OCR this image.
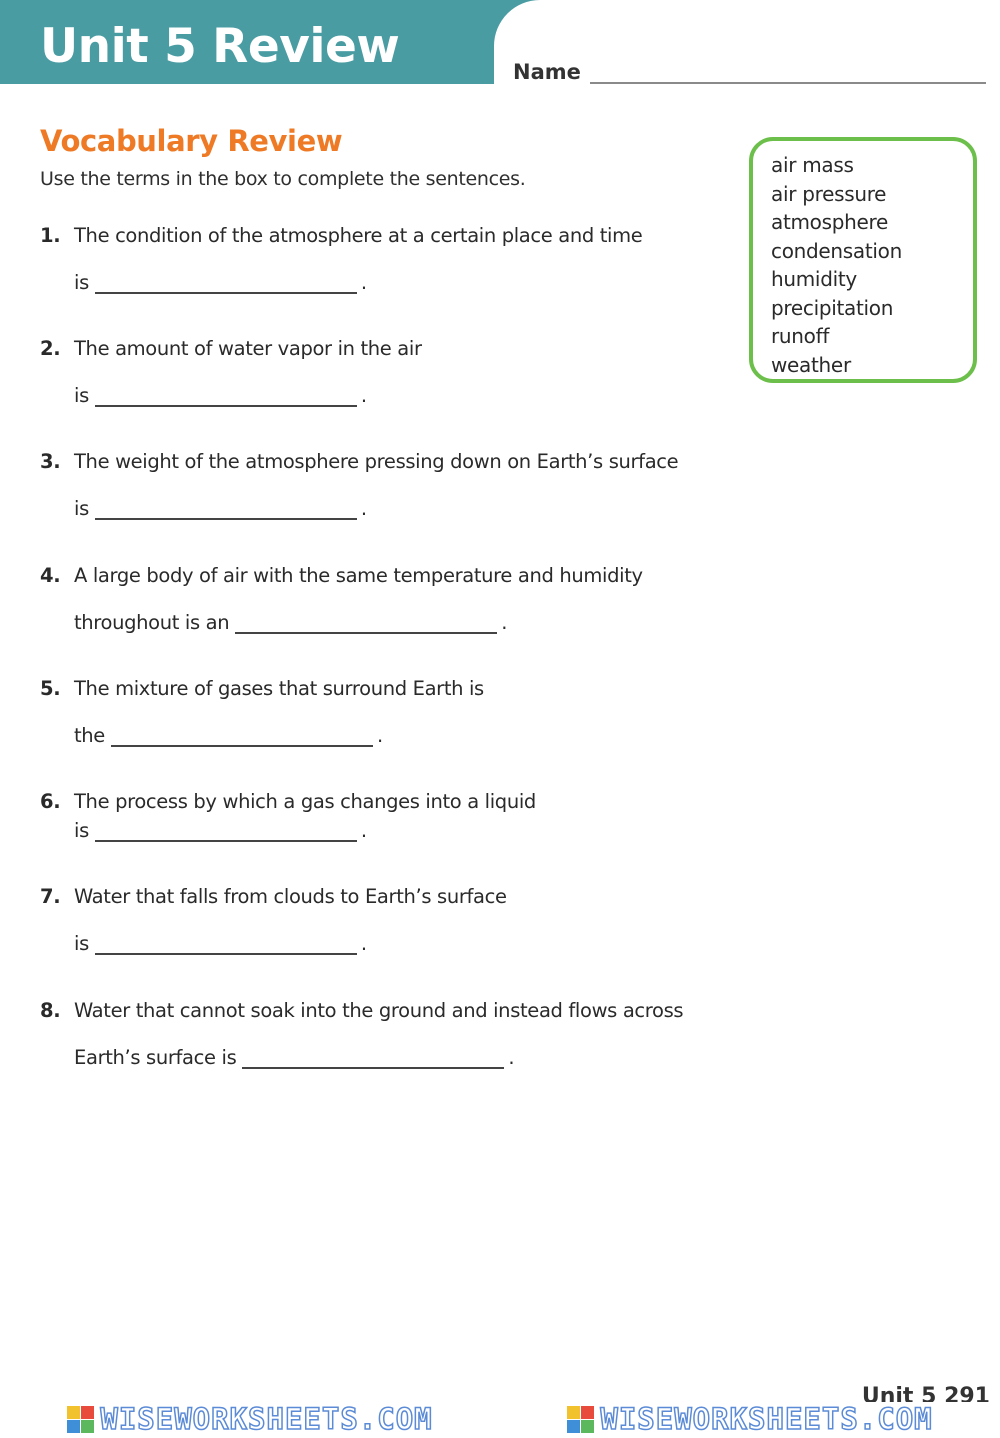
Unit 5 Review	Name
Vocabulary Review
Use the terms in the box to complete the sentences.
air mass
air pressure
atmosphere
condensation
humidity
precipitation
runoff
weather
1. The condition of the atmosphere at a certain place and time
is	.
2. The amount of water vapor in the air
is	.
3. The weight of the atmosphere pressing down on Earth’s surface
is	.
4. A large body of air with the same temperature and humidity
throughout is an	.
5. The mixture of gases that surround Earth is
the	.
6. The process by which a gas changes into a liquid
is	.
7. Water that falls from clouds to Earth’s surface
is	.
8. Water that cannot soak into the ground and instead flows across
Earth’s surface is	.
Unit 5 291
WISEWORKSHEETS.COM	WISEWORKSHEETS.COM
